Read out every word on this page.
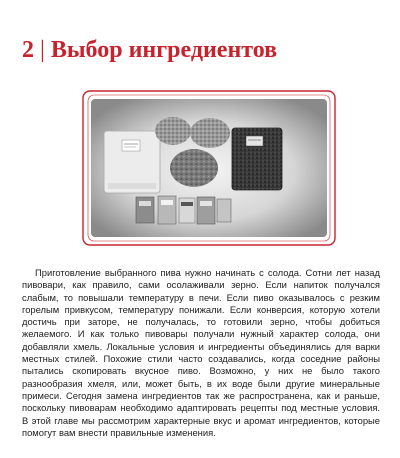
2 | Выбор ингредиентов

Приготовление выбранного пива нужно начинать с солода. Сотни лет назад пивовари, как правило, сами осолаживали зерно. Если напиток получался слабым, то повышали температуру в печи. Если пиво оказывалось с резким горелым привкусом, температуру понижали. Если конверсия, которую хотели достичь при заторе, не получалась, то готовили зерно, чтобы добиться желаемого. И как только пивовары получали нужный характер солода, они добавляли хмель. Локальные условия и ингредиенты объединялись для варки местных стилей. Похожие стили часто создавались, когда соседние районы пытались скопировать вкусное пиво. Возможно, у них не было такого разнообразия хмеля, или, может быть, в их воде были другие минеральные примеси. Сегодня замена ингредиентов так же распространена, как и раньше, поскольку пивоварам необходимо адаптировать рецепты под местные условия. В этой главе мы рассмотрим характерные вкус и аромат ингредиентов, которые помогут вам внести правильные изменения.
